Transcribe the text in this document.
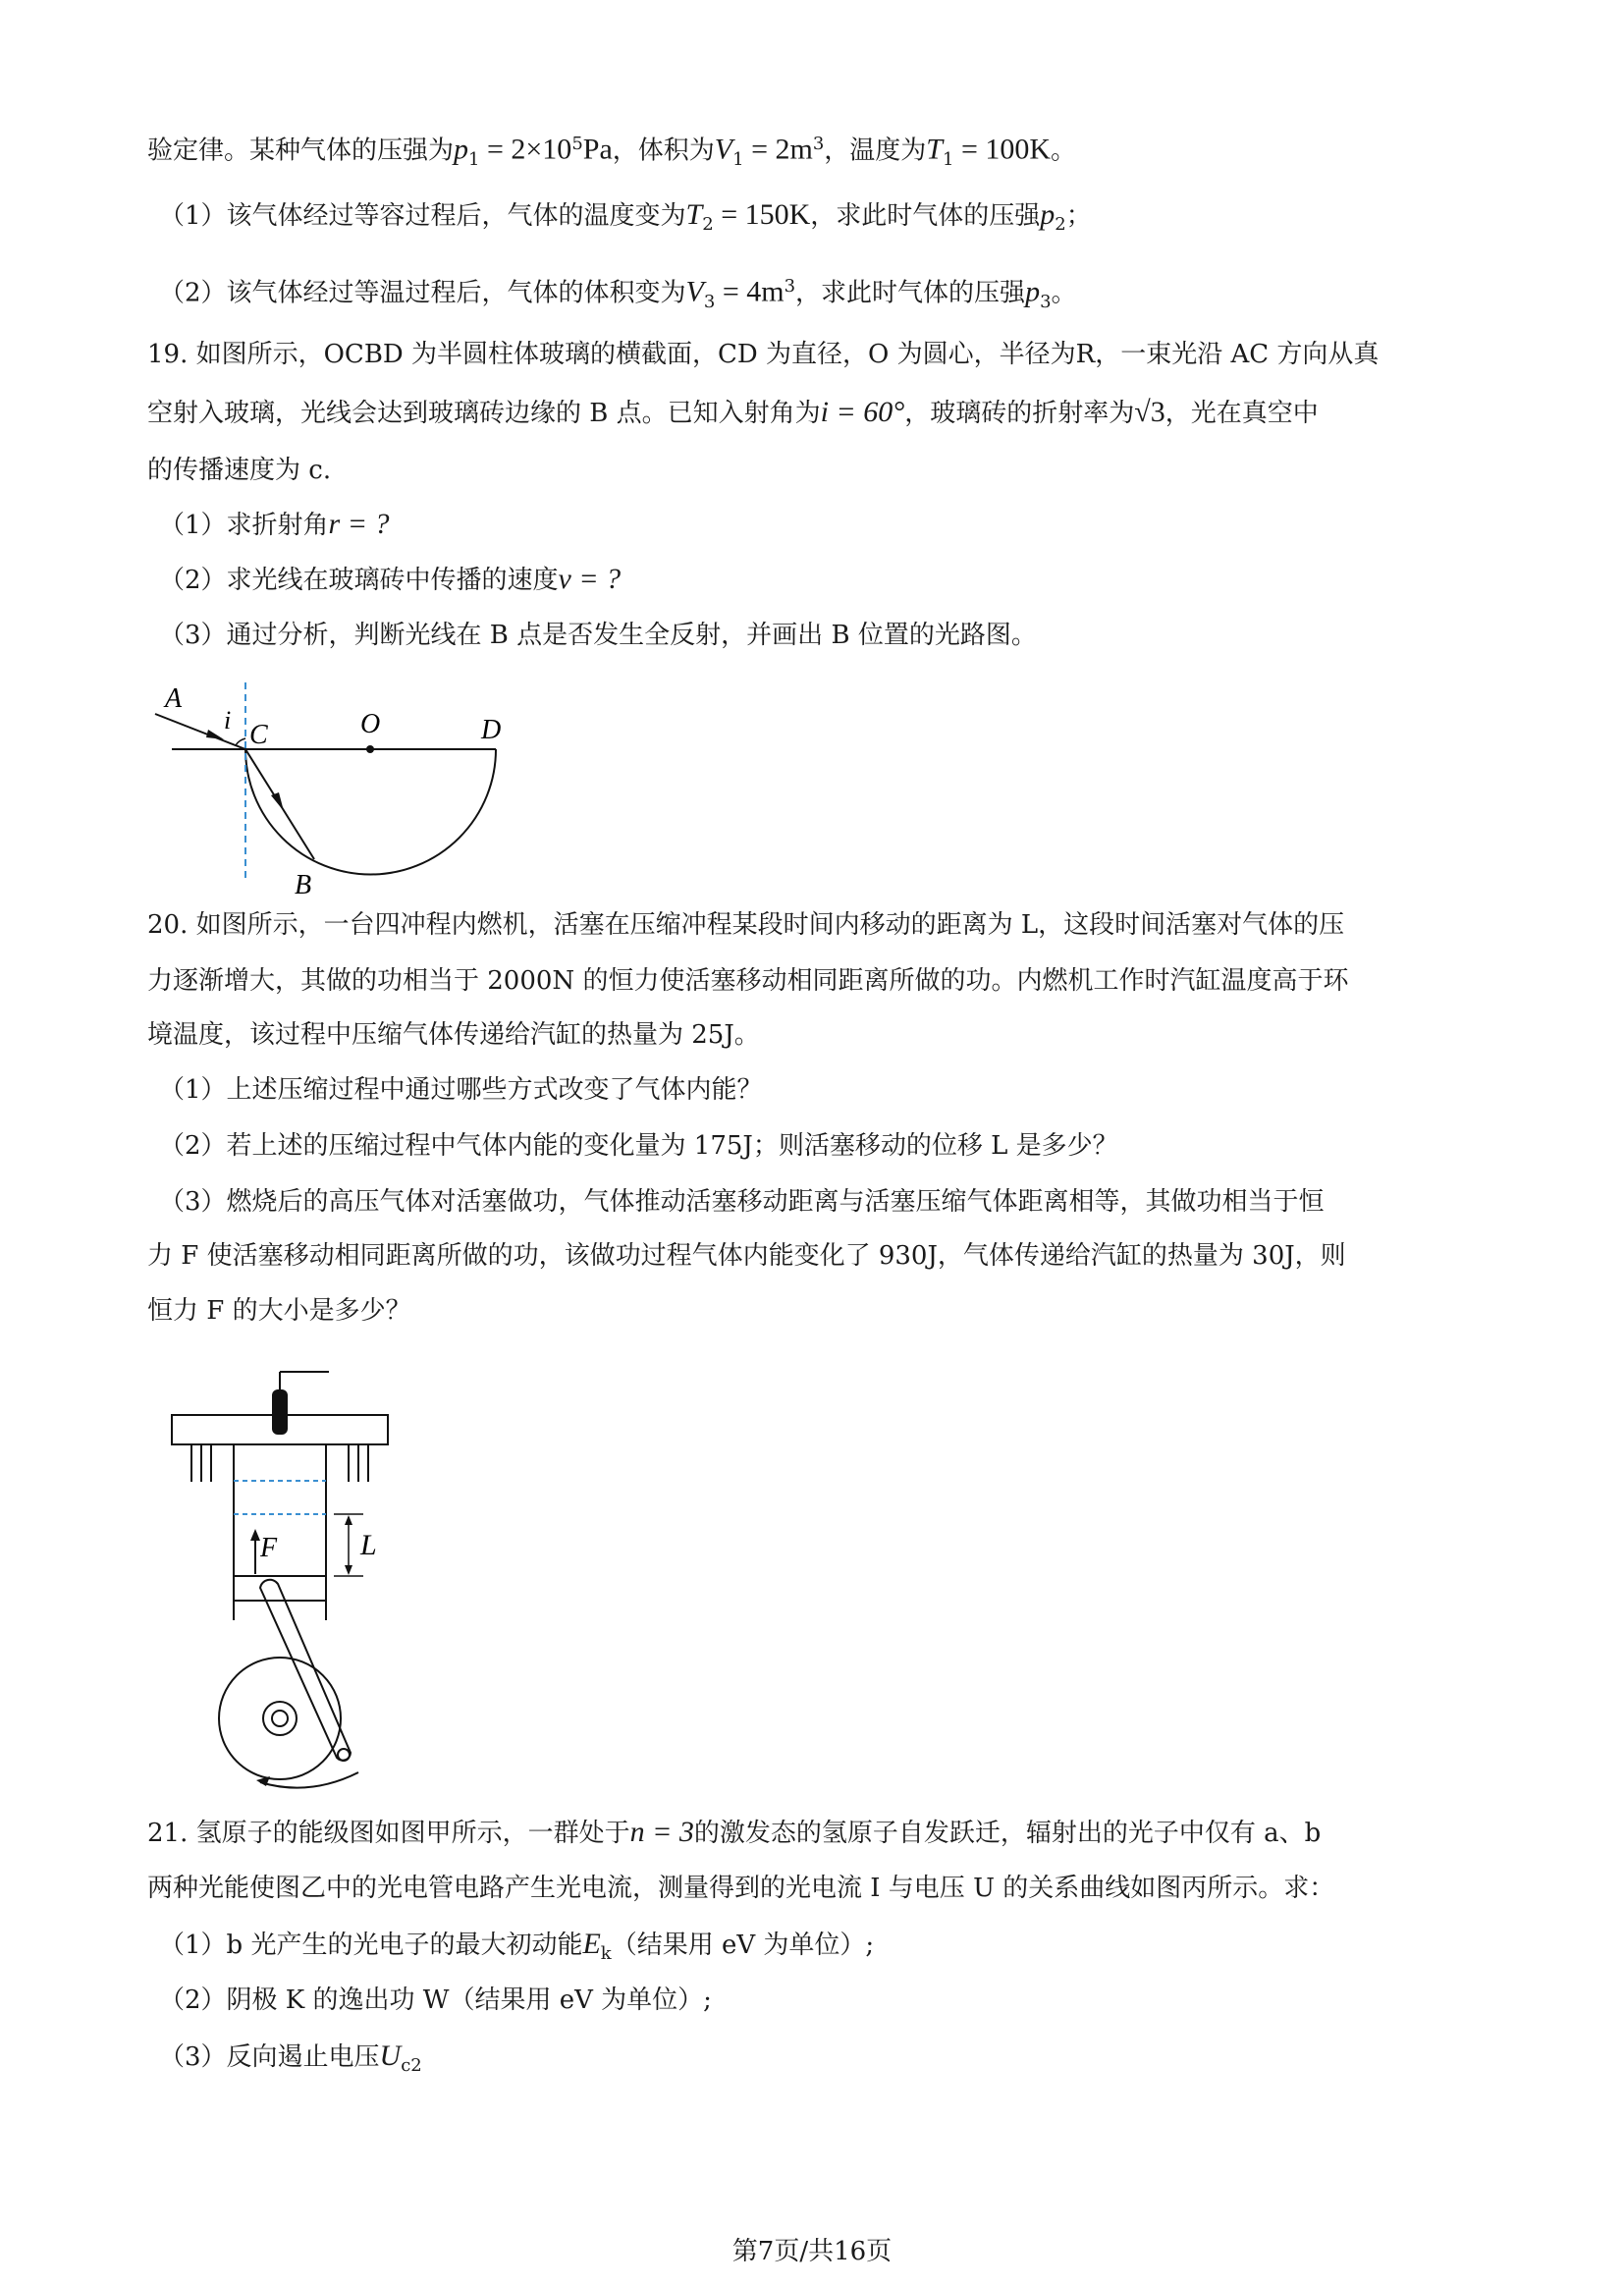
验定律。某种气体的压强为$p_1 = 2\times 10^5Pa$，体积为$V_1 = 2m^3$，温度为$T_1 = 100K$。
（1）该气体经过等容过程后，气体的温度变为$T_2 = 150K$，求此时气体的压强$p_2$；
（2）该气体经过等温过程后，气体的体积变为$V_3 = 4m^3$，求此时气体的压强$p_3$。
19. 如图所示，OCBD 为半圆柱体玻璃的横截面，CD 为直径，O 为圆心，半径为R，一束光沿 AC 方向从真
空射入玻璃，光线会达到玻璃砖边缘的 B 点。已知入射角为i = 60°，玻璃砖的折射率为√3，光在真空中
的传播速度为 c.
（1）求折射角r = ?
（2）求光线在玻璃砖中传播的速度v = ?
（3）通过分析，判断光线在 B 点是否发生全反射，并画出 B 位置的光路图。
A
i C	O	D
B
20. 如图所示，一台四冲程内燃机，活塞在压缩冲程某段时间内移动的距离为 L，这段时间活塞对气体的压
力逐渐增大，其做的功相当于 2000N 的恒力使活塞移动相同距离所做的功。内燃机工作时汽缸温度高于环
境温度，该过程中压缩气体传递给汽缸的热量为 25J。
（1）上述压缩过程中通过哪些方式改变了气体内能？
（2）若上述的压缩过程中气体内能的变化量为 175J；则活塞移动的位移 L 是多少？
（3）燃烧后的高压气体对活塞做功，气体推动活塞移动距离与活塞压缩气体距离相等，其做功相当于恒
力 F 使活塞移动相同距离所做的功，该做功过程气体内能变化了 930J，气体传递给汽缸的热量为 30J，则
恒力 F 的大小是多少？
F	L
21. 氢原子的能级图如图甲所示，一群处于n = 3的激发态的氢原子自发跃迁，辐射出的光子中仅有 a、b
两种光能使图乙中的光电管电路产生光电流，测量得到的光电流 I 与电压 U 的关系曲线如图丙所示。求：
（1）b 光产生的光电子的最大初动能$E_k$（结果用 eV 为单位）;
（2）阴极 K 的逸出功 W（结果用 eV 为单位）;
（3）反向遏止电压$U_{c2}$
第7页/共16页
